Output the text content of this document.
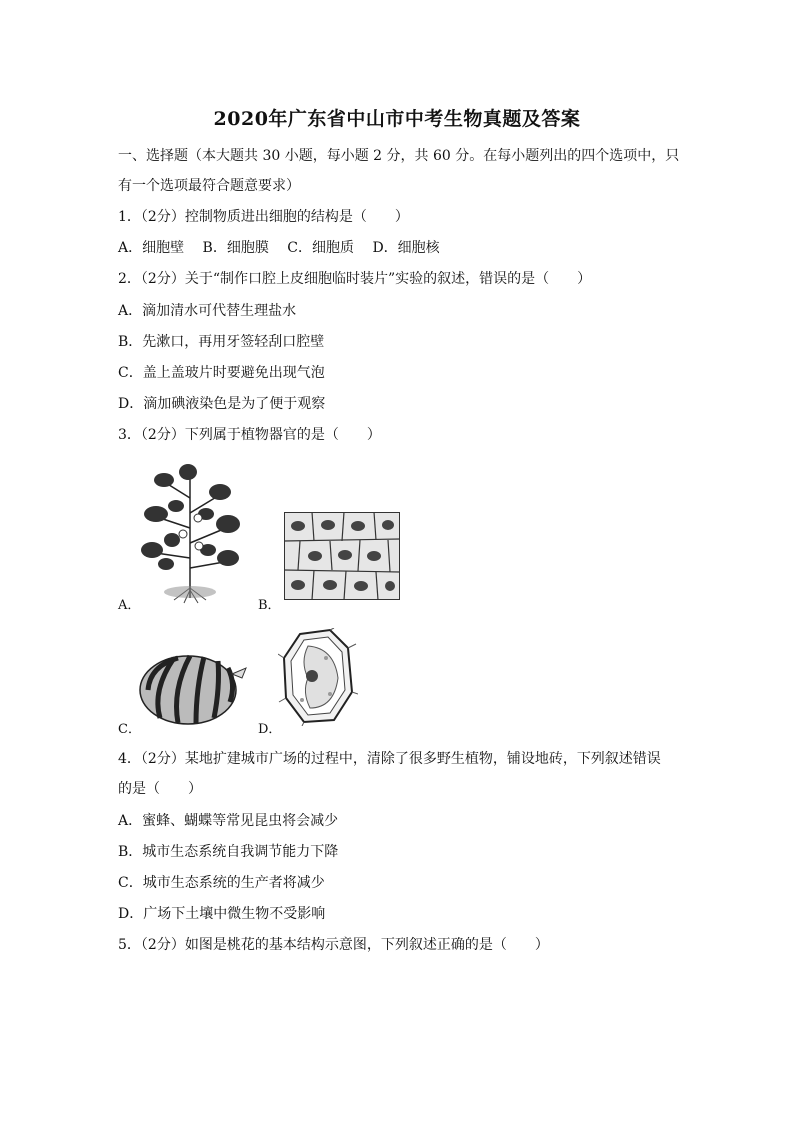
2020年广东省中山市中考生物真题及答案
一、选择题（本大题共 30 小题，每小题 2 分，共 60 分。在每小题列出的四个选项中，只
有一个选项最符合题意要求）
1．（2分）控制物质进出细胞的结构是（　　）
A．细胞壁　 B．细胞膜　 C．细胞质　 D．细胞核
2．（2分）关于“制作口腔上皮细胞临时装片”实验的叙述，错误的是（　　）
A．滴加清水可代替生理盐水
B．先漱口，再用牙签轻刮口腔壁
C．盖上盖玻片时要避免出现气泡
D．滴加碘液染色是为了便于观察
3．（2分）下列属于植物器官的是（　　）
A．	B．
C．	D．
4．（2分）某地扩建城市广场的过程中，清除了很多野生植物，铺设地砖，下列叙述错误
的是（　　）
A．蜜蜂、蝴蝶等常见昆虫将会减少
B．城市生态系统自我调节能力下降
C．城市生态系统的生产者将减少
D．广场下土壤中微生物不受影响
5．（2分）如图是桃花的基本结构示意图，下列叙述正确的是（　　）
